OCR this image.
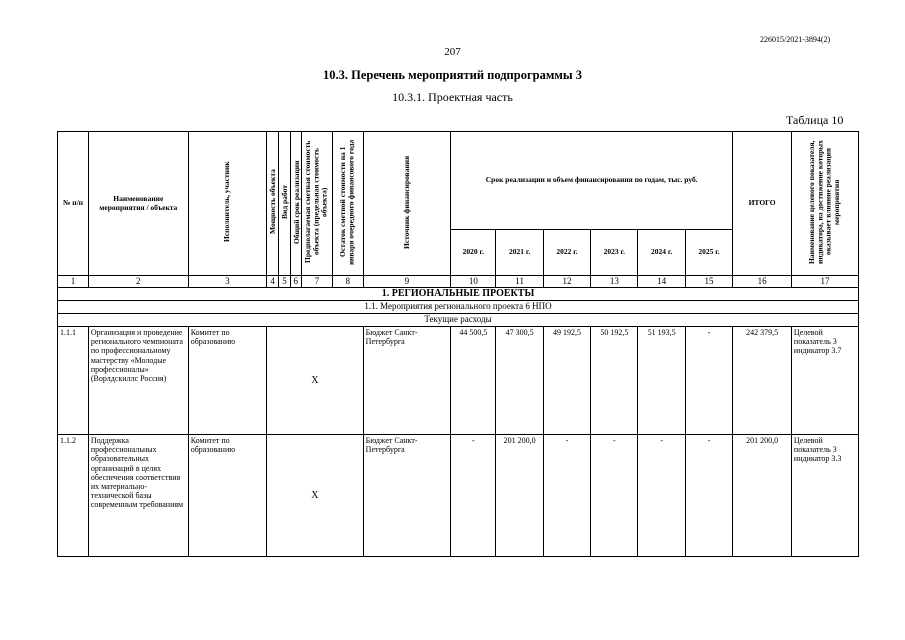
226015/2021-3894(2)
207
10.3. Перечень мероприятий подпрограммы 3
10.3.1. Проектная часть
Таблица 10
№ п/п	Наименование мероприятия / объекта	Исполнитель, участник	Мощность объекта	Вид работ	Общий срок реализации	Предполагаемая сметная стоимость объекта (предельная стоимость объекта)	Остаток сметной стоимости на 1 января очередного финансового года	Источник финансирования	Срок реализации и объем финансирования по годам, тыс. руб.						ИТОГО	Наименование целевого показателя, индикатора, на достижение которых оказывает влияние реализация мероприятия
									2020 г.	2021 г.	2022 г.	2023 г.	2024 г.	2025 г.		
1	2	3	4	5	6	7	8	9	10	11	12	13	14	15	16	17
1. РЕГИОНАЛЬНЫЕ ПРОЕКТЫ																
1.1. Мероприятия регионального проекта 6 НПО																
Текущие расходы																
1.1.1	Организация и проведение регионального чемпионата по профессиональному мастерству «Молодые профессионалы» (Ворлдскиллс Россия)	Комитет по образованию	X					Бюджет Санкт-Петербурга	44 500,5	47 300,5	49 192,5	50 192,5	51 193,5	-	242 379,5	Целевой показатель 3 индикатор 3.7
1.1.2	Поддержка профессиональных образовательных организаций в целях обеспечения соответствия их материально-технической базы современным требованиям	Комитет по образованию	X					Бюджет Санкт-Петербурга	-	201 200,0	-	-	-	-	201 200,0	Целевой показатель 3 индикатор 3.3
